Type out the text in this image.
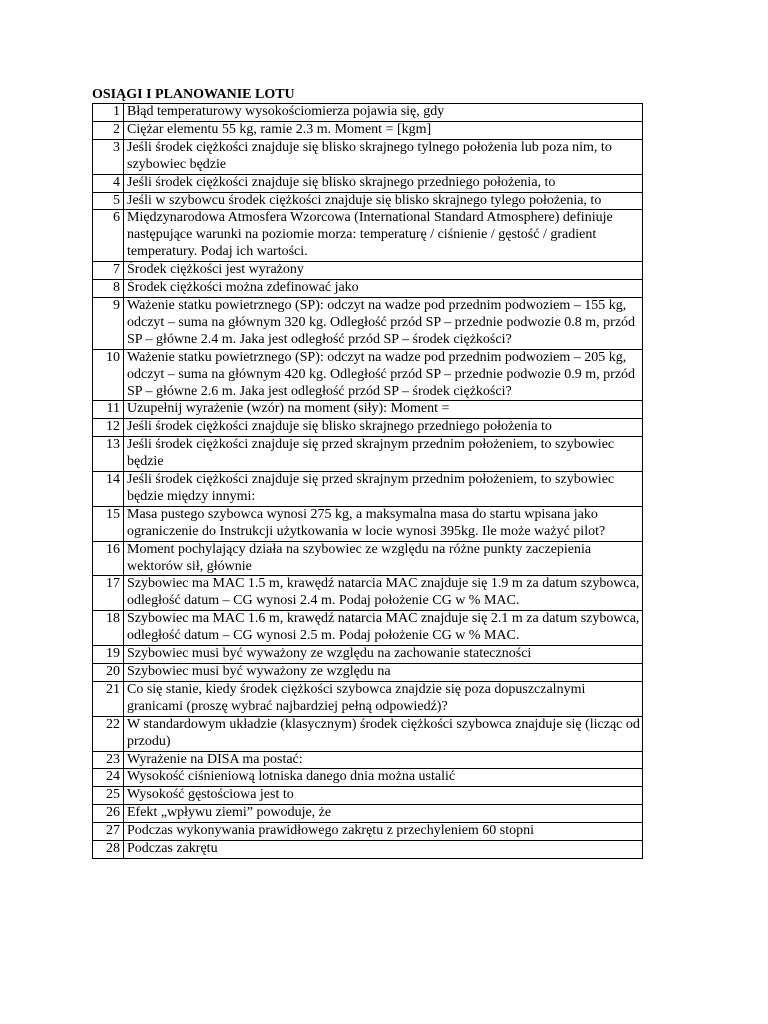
OSIĄGI I PLANOWANIE LOTU
1	Błąd temperaturowy wysokościomierza pojawia się, gdy
2	Ciężar elementu 55 kg, ramie 2.3 m. Moment = [kgm]
3	Jeśli środek ciężkości znajduje się blisko skrajnego tylnego położenia lub poza nim, to szybowiec będzie
4	Jeśli środek ciężkości znajduje się blisko skrajnego przedniego położenia, to
5	Jeśli w szybowcu środek ciężkości znajduje się blisko skrajnego tylego położenia, to
6	Międzynarodowa Atmosfera Wzorcowa (International Standard Atmosphere) definiuje następujące warunki na poziomie morza: temperaturę / ciśnienie / gęstość / gradient temperatury. Podaj ich wartości.
7	Środek ciężkości jest wyrażony
8	Środek ciężkości można zdefinować jako
9	Ważenie statku powietrznego (SP): odczyt na wadze pod przednim podwoziem – 155 kg, odczyt – suma na głównym 320 kg. Odległość przód SP – przednie podwozie 0.8 m, przód SP – główne 2.4 m. Jaka jest odległość przód SP – środek ciężkości?
10	Ważenie statku powietrznego (SP): odczyt na wadze pod przednim podwoziem – 205 kg, odczyt – suma na głównym 420 kg. Odległość przód SP – przednie podwozie 0.9 m, przód SP – główne 2.6 m. Jaka jest odległość przód SP – środek ciężkości?
11	Uzupełnij wyrażenie (wzór) na moment (siły): Moment =
12	Jeśli środek ciężkości znajduje się blisko skrajnego przedniego położenia to
13	Jeśli środek ciężkości znajduje się przed skrajnym przednim położeniem, to szybowiec będzie
14	Jeśli środek ciężkości znajduje się przed skrajnym przednim położeniem, to szybowiec będzie między innymi:
15	Masa pustego szybowca wynosi 275 kg, a maksymalna masa do startu wpisana jako ograniczenie do Instrukcji użytkowania w locie wynosi 395kg. Ile może ważyć pilot?
16	Moment pochylający działa na szybowiec ze względu na różne punkty zaczepienia wektorów sił, głównie
17	Szybowiec ma MAC 1.5 m, krawędź natarcia MAC znajduje się 1.9 m za datum szybowca, odległość datum – CG wynosi 2.4 m. Podaj położenie CG w % MAC.
18	Szybowiec ma MAC 1.6 m, krawędź natarcia MAC znajduje się 2.1 m za datum szybowca, odległość datum – CG wynosi 2.5 m. Podaj położenie CG w % MAC.
19	Szybowiec musi być wyważony ze względu na zachowanie stateczności
20	Szybowiec musi być wyważony ze względu na
21	Co się stanie, kiedy środek ciężkości szybowca znajdzie się poza dopuszczalnymi granicami (proszę wybrać najbardziej pełną odpowiedź)?
22	W standardowym układzie (klasycznym) środek ciężkości szybowca znajduje się (licząc od przodu)
23	Wyrażenie na DISA ma postać:
24	Wysokość ciśnieniową lotniska danego dnia można ustalić
25	Wysokość gęstościowa jest to
26	Efekt „wpływu ziemi” powoduje, że
27	Podczas wykonywania prawidłowego zakrętu z przechyleniem 60 stopni
28	Podczas zakrętu
